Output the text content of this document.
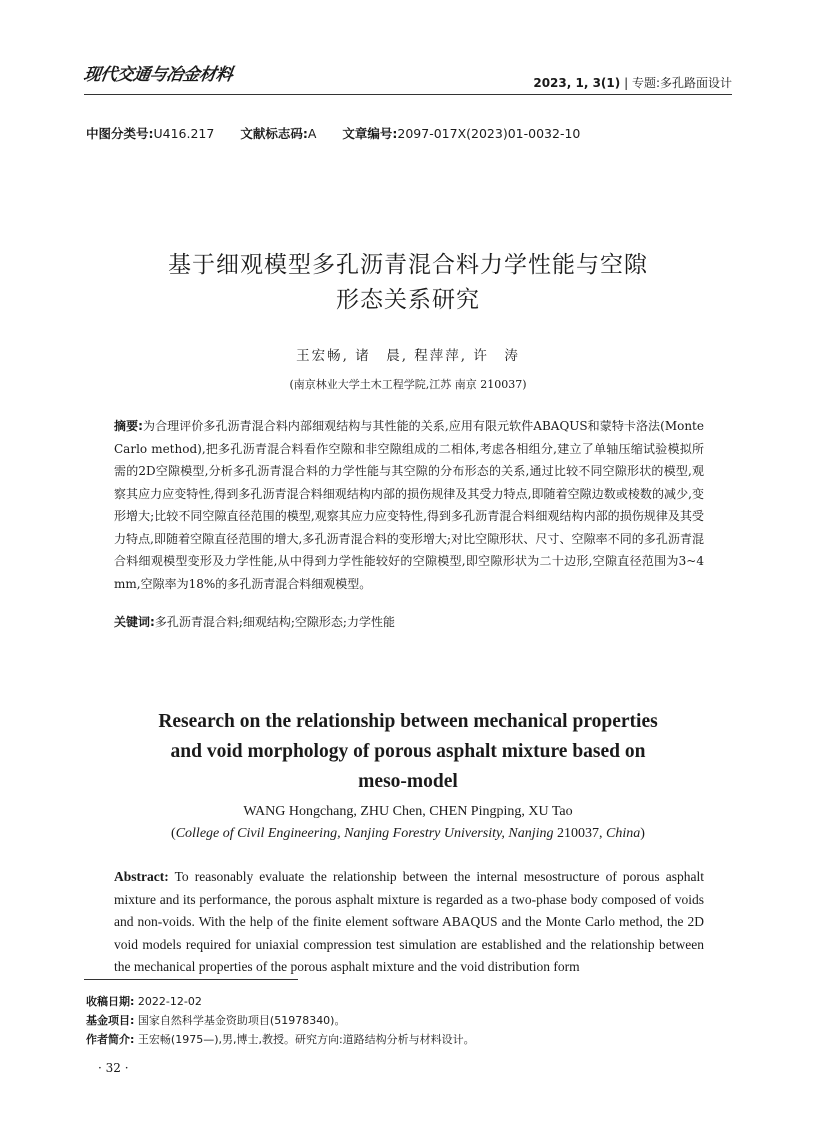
现代交通与冶金材料	2023, 1, 3(1) | 专题:多孔路面设计
中图分类号:U416.217 文献标志码:A 文章编号:2097-017X(2023)01-0032-10
基于细观模型多孔沥青混合料力学性能与空隙
形态关系研究
王宏畅, 诸　晨, 程萍萍, 许　涛
(南京林业大学土木工程学院,江苏 南京 210037)
摘要:为合理评价多孔沥青混合料内部细观结构与其性能的关系,应用有限元软件ABAQUS和蒙特卡洛法(Monte Carlo method),把多孔沥青混合料看作空隙和非空隙组成的二相体,考虑各相组分,建立了单轴压缩试验模拟所需的2D空隙模型,分析多孔沥青混合料的力学性能与其空隙的分布形态的关系,通过比较不同空隙形状的模型,观察其应力应变特性,得到多孔沥青混合料细观结构内部的损伤规律及其受力特点,即随着空隙边数或棱数的减少,变形增大;比较不同空隙直径范围的模型,观察其应力应变特性,得到多孔沥青混合料细观结构内部的损伤规律及其受力特点,即随着空隙直径范围的增大,多孔沥青混合料的变形增大;对比空隙形状、尺寸、空隙率不同的多孔沥青混合料细观模型变形及力学性能,从中得到力学性能较好的空隙模型,即空隙形状为二十边形,空隙直径范围为3~4 mm,空隙率为18%的多孔沥青混合料细观模型。
关键词:多孔沥青混合料;细观结构;空隙形态;力学性能
Research on the relationship between mechanical properties
and void morphology of porous asphalt mixture based on
meso-model
WANG Hongchang, ZHU Chen, CHEN Pingping, XU Tao
(College of Civil Engineering, Nanjing Forestry University, Nanjing 210037, China)
Abstract: To reasonably evaluate the relationship between the internal mesostructure of porous asphalt mixture and its performance, the porous asphalt mixture is regarded as a two-phase body composed of voids and non-voids. With the help of the finite element software ABAQUS and the Monte Carlo method, the 2D void models required for uniaxial compression test simulation are established and the relationship between the mechanical properties of the porous asphalt mixture and the void distribution form
收稿日期: 2022-12-02
基金项目: 国家自然科学基金资助项目(51978340)。
作者简介: 王宏畅(1975—),男,博士,教授。研究方向:道路结构分析与材料设计。
· 32 ·
